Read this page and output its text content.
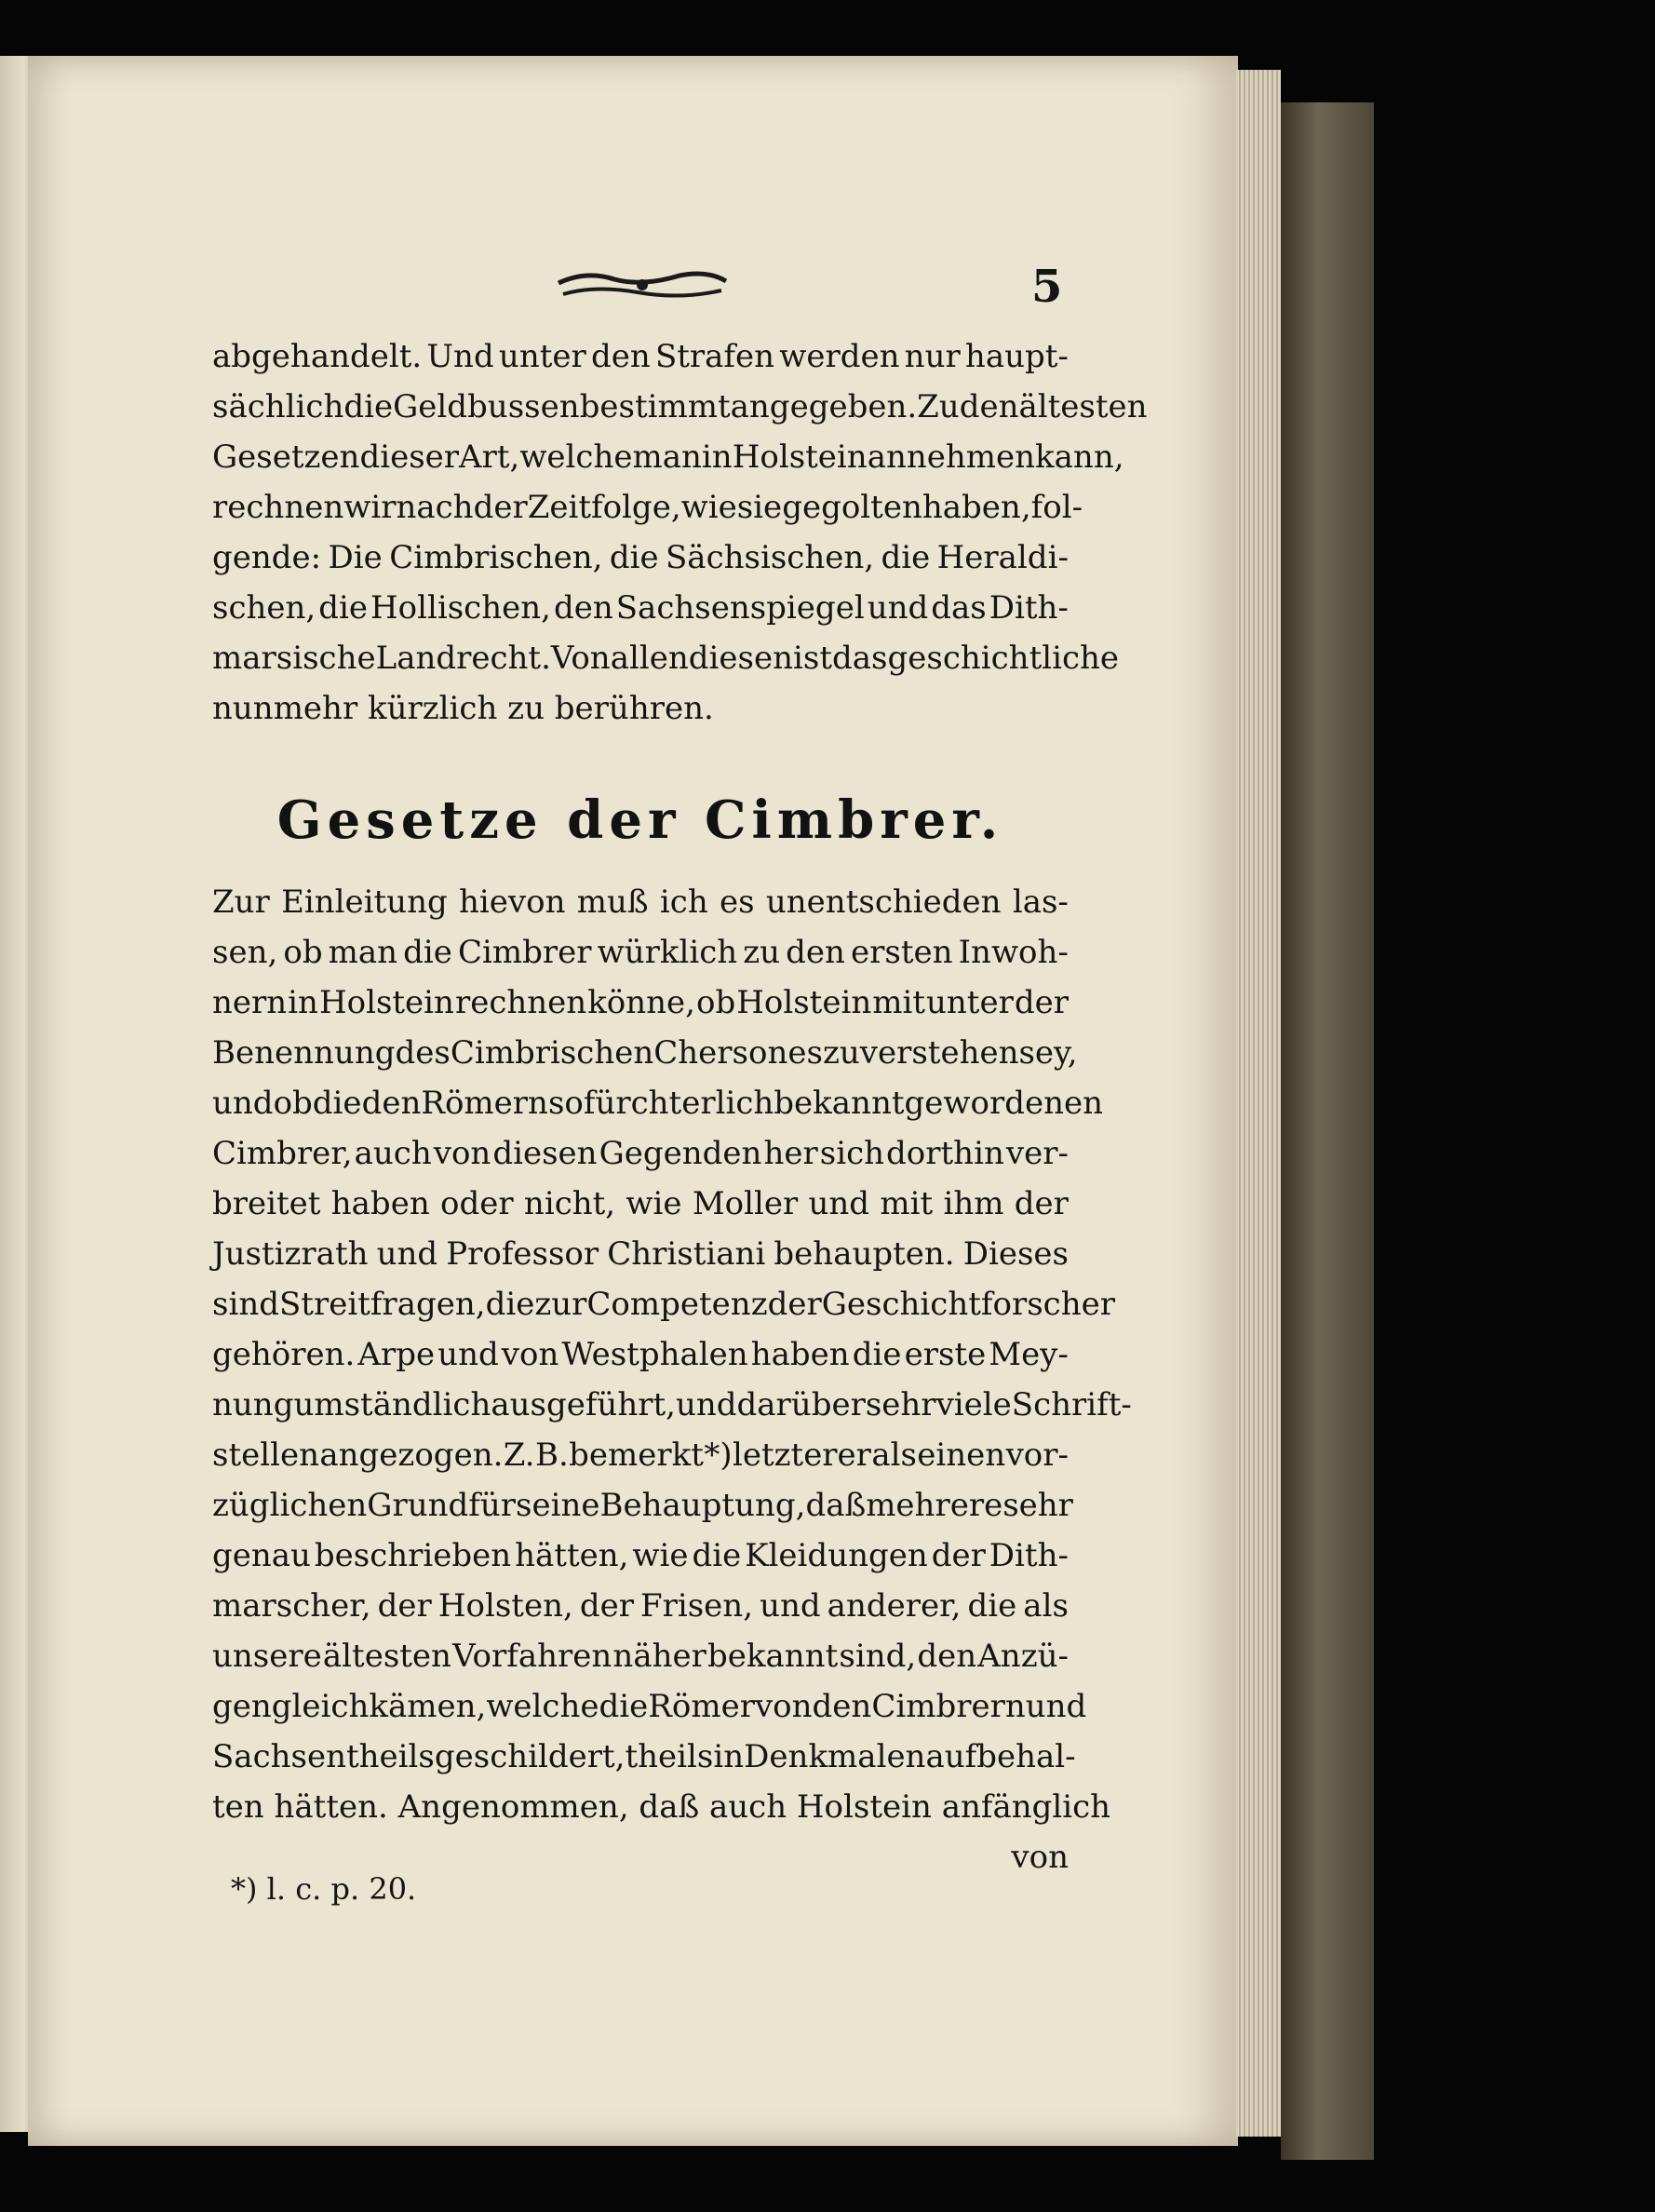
5
abgehandelt. Und unter den Strafen werden nur haupt-
sächlich die Geldbussen bestimmt angegeben. Zu den ältesten
Gesetzen dieser Art, welche man in Holstein annehmen kann,
rechnen wir nach der Zeitfolge, wie sie gegolten haben, fol-
gende: Die Cimbrischen, die Sächsischen, die Heraldi-
schen, die Hollischen, den Sachsenspiegel und das Dith-
marsische Landrecht. Von allen diesen ist das geschichtliche
nunmehr kürzlich zu berühren.
Gesetze der Cimbrer.
Zur Einleitung hievon muß ich es unentschieden las-
sen, ob man die Cimbrer würklich zu den ersten Inwoh-
nern in Holstein rechnen könne, ob Holstein mit unter der
Benennung des Cimbrischen Chersones zu verstehen sey,
und ob die den Römern so fürchterlich bekannt gewordenen
Cimbrer, auch von diesen Gegenden her sich dorthin ver-
breitet haben oder nicht, wie Moller und mit ihm der
Justizrath und Professor Christiani behaupten. Dieses
sind Streitfragen, die zur Competenz der Geschichtforscher
gehören. Arpe und von Westphalen haben die erste Mey-
nung umständlich ausgeführt, und darüber sehr viele Schrift-
stellen angezogen. Z. B. bemerkt *) letzterer als einen vor-
züglichen Grund für seine Behauptung, daß mehrere sehr
genau beschrieben hätten, wie die Kleidungen der Dith-
marscher, der Holsten, der Frisen, und anderer, die als
unsere ältesten Vorfahren näher bekannt sind, den Anzü-
gen gleich kämen, welche die Römer von den Cimbrern und
Sachsen theils geschildert, theils in Denkmalen aufbehal-
ten hätten. Angenommen, daß auch Holstein anfänglich
von
*) l. c. p. 20.
